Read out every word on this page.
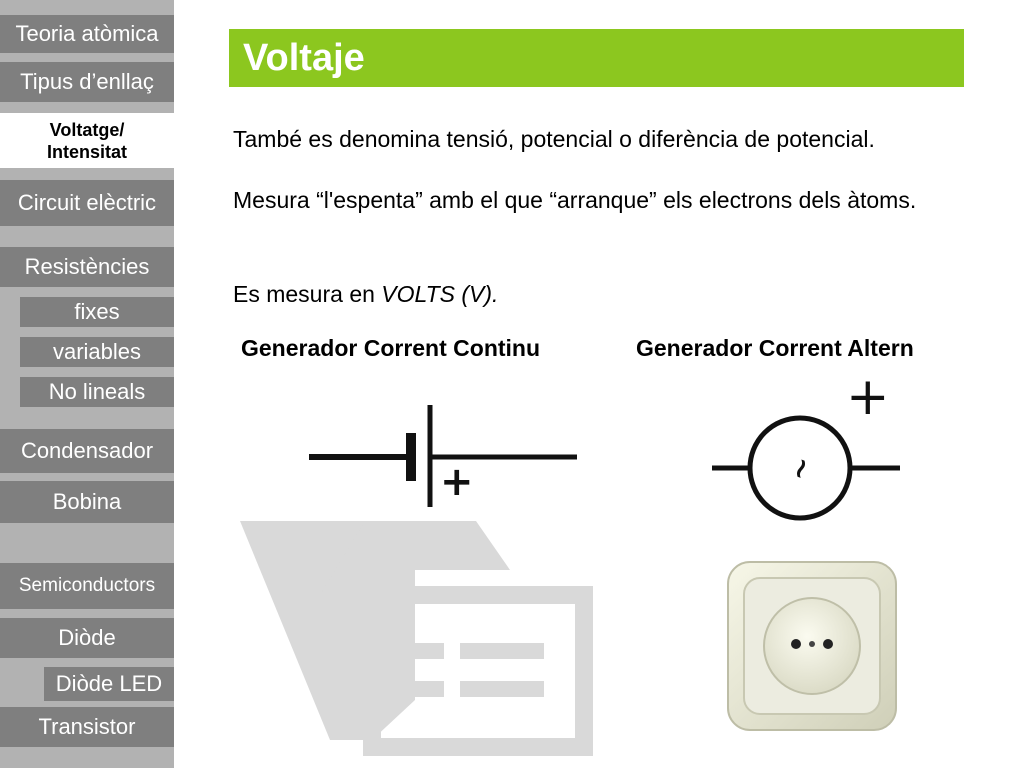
Teoria atòmica
Tipus d’enllaç
Voltatge/
Intensitat
Circuit elèctric
Resistències
fixes
variables
No lineals
Condensador
Bobina
Semiconductors
Diòde
Diòde LED
Transistor
Voltaje
També es denomina tensió, potencial o diferència de potencial.
Mesura “l'espenta” amb el que “arranque” els electrons dels àtoms.
Es mesura en VOLTS (V).
Generador Corrent Continu	Generador Corrent Altern
+
+
~
